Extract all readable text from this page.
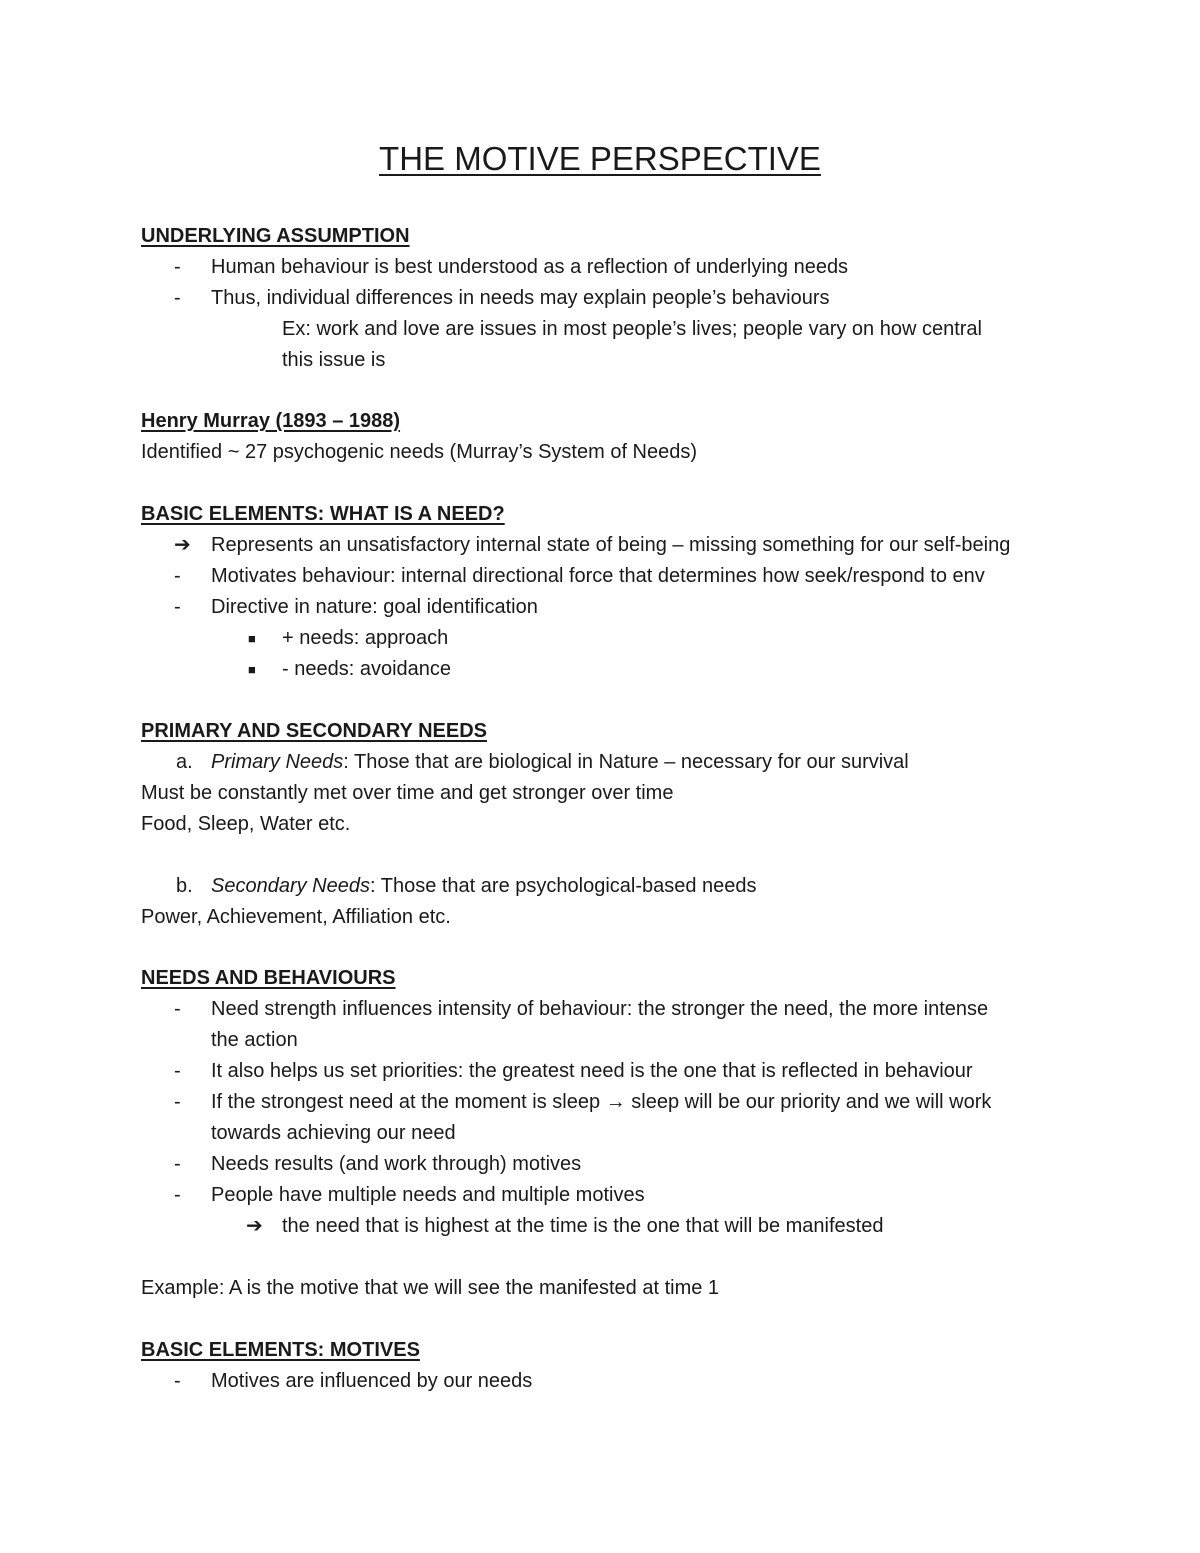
THE MOTIVE PERSPECTIVE
UNDERLYING ASSUMPTION
- Human behaviour is best understood as a reflection of underlying needs
- Thus, individual differences in needs may explain people’s behaviours
Ex: work and love are issues in most people’s lives; people vary on how central
this issue is
Henry Murray (1893 – 1988)
Identified ~ 27 psychogenic needs (Murray’s System of Needs)
BASIC ELEMENTS: WHAT IS A NEED?
➔ Represents an unsatisfactory internal state of being – missing something for our self-being
- Motivates behaviour: internal directional force that determines how seek/respond to env
- Directive in nature: goal identification
■ + needs: approach
■ - needs: avoidance
PRIMARY AND SECONDARY NEEDS
a. Primary Needs: Those that are biological in Nature – necessary for our survival
Must be constantly met over time and get stronger over time
Food, Sleep, Water etc.
b. Secondary Needs: Those that are psychological-based needs
Power, Achievement, Affiliation etc.
NEEDS AND BEHAVIOURS
- Need strength influences intensity of behaviour: the stronger the need, the more intense
the action
- It also helps us set priorities: the greatest need is the one that is reflected in behaviour
- If the strongest need at the moment is sleep → sleep will be our priority and we will work
towards achieving our need
- Needs results (and work through) motives
- People have multiple needs and multiple motives
➔ the need that is highest at the time is the one that will be manifested
Example: A is the motive that we will see the manifested at time 1
BASIC ELEMENTS: MOTIVES
- Motives are influenced by our needs
